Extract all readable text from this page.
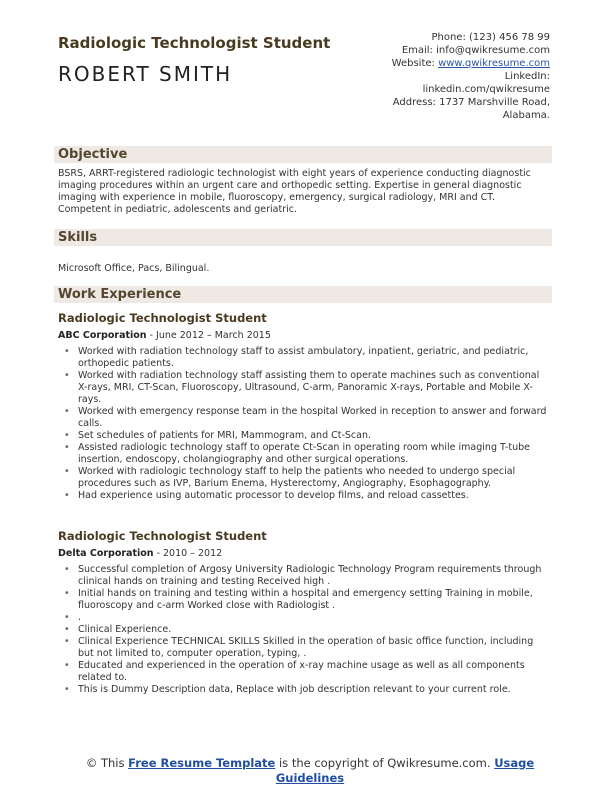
Radiologic Technologist Student
ROBERT SMITH
Phone: (123) 456 78 99
Email: info@qwikresume.com
Website: www.qwikresume.com
LinkedIn:
linkedin.com/qwikresume
Address: 1737 Marshville Road,
Alabama.
Objective
BSRS, ARRT-registered radiologic technologist with eight years of experience conducting diagnostic imaging procedures within an urgent care and orthopedic setting. Expertise in general diagnostic imaging with experience in mobile, fluoroscopy, emergency, surgical radiology, MRI and CT. Competent in pediatric, adolescents and geriatric.
Skills
Microsoft Office, Pacs, Bilingual.
Work Experience
Radiologic Technologist Student
ABC Corporation - June 2012 – March 2015
• Worked with radiation technology staff to assist ambulatory, inpatient, geriatric, and pediatric, orthopedic patients.
• Worked with radiation technology staff assisting them to operate machines such as conventional X-rays, MRI, CT-Scan, Fluoroscopy, Ultrasound, C-arm, Panoramic X-rays, Portable and Mobile X-rays.
• Worked with emergency response team in the hospital Worked in reception to answer and forward calls.
• Set schedules of patients for MRI, Mammogram, and Ct-Scan.
• Assisted radiologic technology staff to operate Ct-Scan in operating room while imaging T-tube insertion, endoscopy, cholangiography and other surgical operations.
• Worked with radiologic technology staff to help the patients who needed to undergo special procedures such as IVP, Barium Enema, Hysterectomy, Angiography, Esophagography.
• Had experience using automatic processor to develop films, and reload cassettes.
Radiologic Technologist Student
Delta Corporation - 2010 – 2012
• Successful completion of Argosy University Radiologic Technology Program requirements through clinical hands on training and testing Received high .
• Initial hands on training and testing within a hospital and emergency setting Training in mobile, fluoroscopy and c-arm Worked close with Radiologist .
• .
• Clinical Experience.
• Clinical Experience TECHNICAL SKILLS Skilled in the operation of basic office function, including but not limited to, computer operation, typing, .
• Educated and experienced in the operation of x-ray machine usage as well as all components related to.
• This is Dummy Description data, Replace with job description relevant to your current role.
© This Free Resume Template is the copyright of Qwikresume.com. Usage Guidelines
